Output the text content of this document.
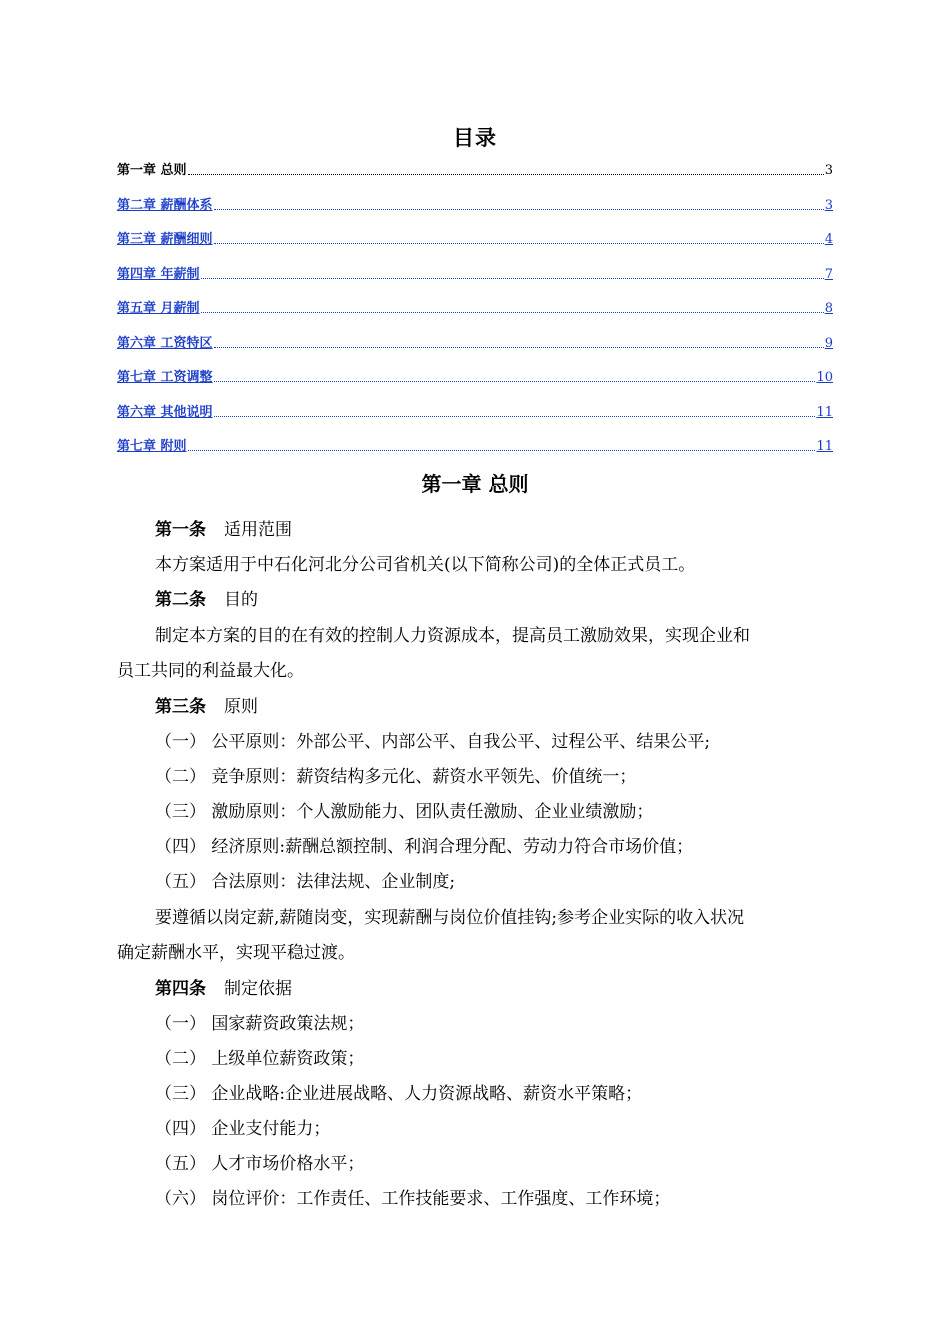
目录
第一章 总则	3
第二章 薪酬体系	3
第三章 薪酬细则	4
第四章 年薪制	7
第五章 月薪制	8
第六章 工资特区	9
第七章 工资调整	10
第六章 其他说明	11
第七章 附则	11
第一章 总则
第一条 适用范围
本方案适用于中石化河北分公司省机关(以下简称公司)的全体正式员工。
第二条 目的
制定本方案的目的在有效的控制人力资源成本，提高员工激励效果，实现企业和
员工共同的利益最大化。
第三条 原则
（一） 公平原则：外部公平、内部公平、自我公平、过程公平、结果公平;
（二） 竞争原则：薪资结构多元化、薪资水平领先、价值统一；
（三） 激励原则：个人激励能力、团队责任激励、企业业绩激励；
（四） 经济原则:薪酬总额控制、利润合理分配、劳动力符合市场价值；
（五） 合法原则：法律法规、企业制度;
要遵循以岗定薪,薪随岗变，实现薪酬与岗位价值挂钩;参考企业实际的收入状况
确定薪酬水平，实现平稳过渡。
第四条 制定依据
（一） 国家薪资政策法规；
（二） 上级单位薪资政策；
（三） 企业战略:企业进展战略、人力资源战略、薪资水平策略；
（四） 企业支付能力；
（五） 人才市场价格水平；
（六） 岗位评价：工作责任、工作技能要求、工作强度、工作环境；
